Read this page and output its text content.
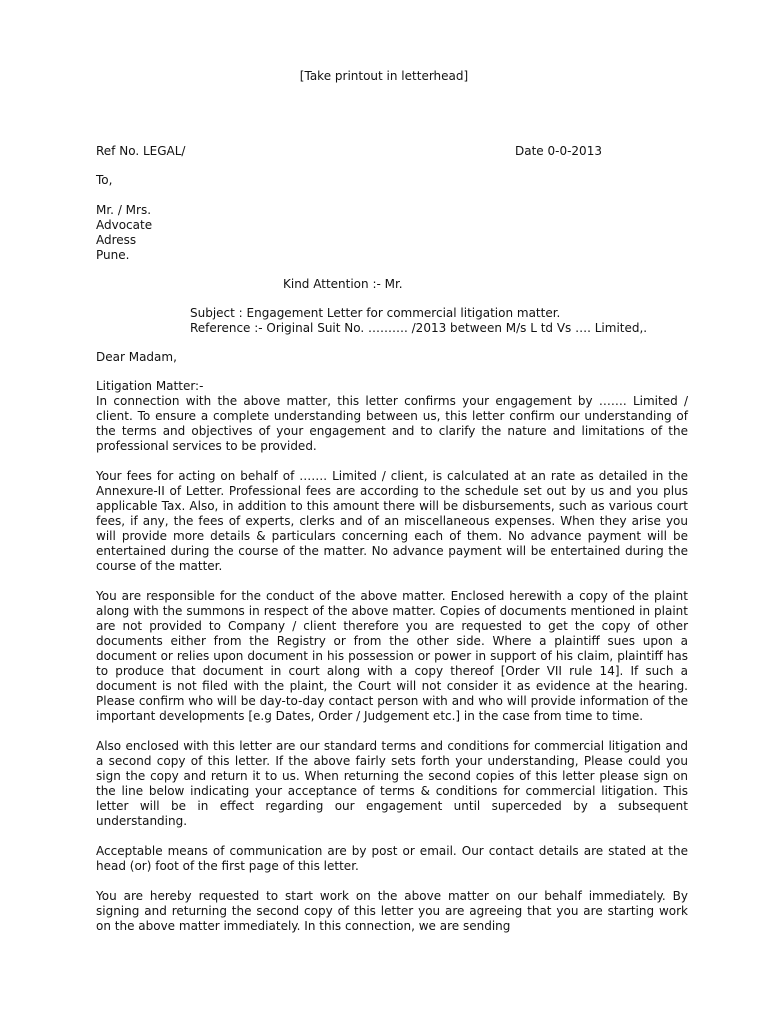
[Take printout in letterhead]

Ref No. LEGAL/	Date 0-0-2013

To,

Mr. / Mrs.
Advocate
Adress
Pune.

Kind Attention :- Mr.

Subject : Engagement Letter for commercial litigation matter.
Reference :- Original Suit No. ………. /2013 between M/s L td Vs …. Limited,.

Dear Madam,

Litigation Matter:-

In connection with the above matter, this letter confirms your engagement by ……. Limited / client. To ensure a complete understanding between us, this letter confirm our understanding of the terms and objectives of your engagement and to clarify the nature and limitations of the professional services to be provided.

Your fees for acting on behalf of ……. Limited / client, is calculated at an rate as detailed in the Annexure-II of Letter. Professional fees are according to the schedule set out by us and you plus applicable Tax. Also, in addition to this amount there will be disbursements, such as various court fees, if any, the fees of experts, clerks and of an miscellaneous expenses. When they arise you will provide more details & particulars concerning each of them. No advance payment will be entertained during the course of the matter. No advance payment will be entertained during the course of the matter.

You are responsible for the conduct of the above matter. Enclosed herewith a copy of the plaint along with the summons in respect of the above matter. Copies of documents mentioned in plaint are not provided to Company / client therefore you are requested to get the copy of other documents either from the Registry or from the other side. Where a plaintiff sues upon a document or relies upon document in his possession or power in support of his claim, plaintiff has to produce that document in court along with a copy thereof [Order VII rule 14]. If such a document is not filed with the plaint, the Court will not consider it as evidence at the hearing. Please confirm who will be day-to-day contact person with and who will provide information of the important developments [e.g Dates, Order / Judgement etc.] in the case from time to time.

Also enclosed with this letter are our standard terms and conditions for commercial litigation and a second copy of this letter. If the above fairly sets forth your understanding, Please could you sign the copy and return it to us. When returning the second copies of this letter please sign on the line below indicating your acceptance of terms & conditions for commercial litigation. This letter will be in effect regarding our engagement until superceded by a subsequent understanding.

Acceptable means of communication are by post or email. Our contact details are stated at the head (or) foot of the first page of this letter.

You are hereby requested to start work on the above matter on our behalf immediately. By signing and returning the second copy of this letter you are agreeing that you are starting work on the above matter immediately. In this connection, we are sending
